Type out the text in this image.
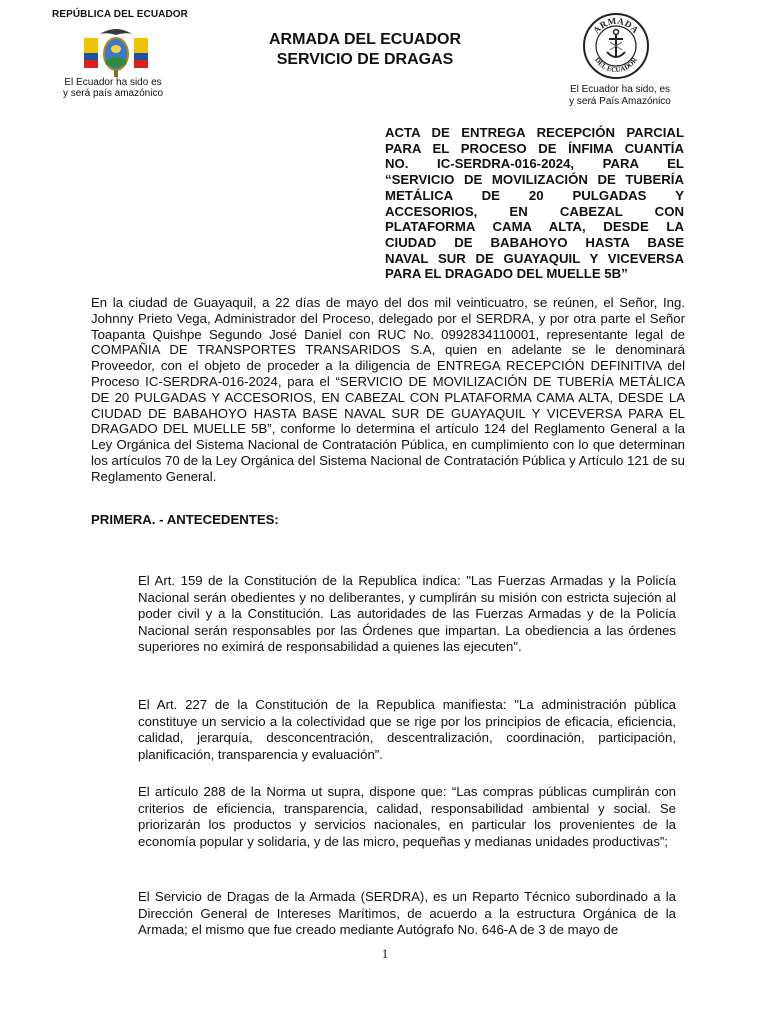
REPÚBLICA DEL ECUADOR
El Ecuador ha sido es
y será país amazónico
ARMADA DEL ECUADOR
SERVICIO DE DRAGAS
ARMADA
DEL ECUADOR
El Ecuador ha sido, es
y será País Amazónico
ACTA DE ENTREGA RECEPCIÓN PARCIAL
PARA EL PROCESO DE ÍNFIMA CUANTÍA
NO. IC-SERDRA-016-2024, PARA EL
“SERVICIO DE MOVILIZACIÓN DE TUBERÍA
METÁLICA DE 20 PULGADAS Y
ACCESORIOS, EN CABEZAL CON
PLATAFORMA CAMA ALTA, DESDE LA
CIUDAD DE BABAHOYO HASTA BASE
NAVAL SUR DE GUAYAQUIL Y VICEVERSA
PARA EL DRAGADO DEL MUELLE 5B”
En la ciudad de Guayaquil, a 22 días de mayo del dos mil veinticuatro, se reúnen, el Señor, Ing. Johnny Prieto Vega, Administrador del Proceso, delegado por el SERDRA, y por otra parte el Señor Toapanta Quishpe Segundo José Daniel con RUC No. 0992834110001, representante legal de COMPAÑIA DE TRANSPORTES TRANSARIDOS S.A, quien en adelante se le denominará Proveedor, con el objeto de proceder a la diligencia de ENTREGA RECEPCIÓN DEFINITIVA del Proceso IC-SERDRA-016-2024, para el “SERVICIO DE MOVILIZACIÓN DE TUBERÍA METÁLICA DE 20 PULGADAS Y ACCESORIOS, EN CABEZAL CON PLATAFORMA CAMA ALTA, DESDE LA CIUDAD DE BABAHOYO HASTA BASE NAVAL SUR DE GUAYAQUIL Y VICEVERSA PARA EL DRAGADO DEL MUELLE 5B”, conforme lo determina el artículo 124 del Reglamento General a la Ley Orgánica del Sistema Nacional de Contratación Pública, en cumplimiento con lo que determinan los artículos 70 de la Ley Orgánica del Sistema Nacional de Contratación Pública y Artículo 121 de su Reglamento General.
PRIMERA. - ANTECEDENTES:
El Art. 159 de la Constitución de la Republica indica: "Las Fuerzas Armadas y la Policía Nacional serán obedientes y no deliberantes, y cumplirán su misión con estricta sujeción al poder civil y a la Constitución. Las autoridades de las Fuerzas Armadas y de la Policía Nacional serán responsables por las Órdenes que impartan. La obediencia a las órdenes superiores no eximirá de responsabilidad a quienes las ejecuten".
El Art. 227 de la Constitución de la Republica manifiesta: "La administración pública constituye un servicio a la colectividad que se rige por los principios de eficacia, eficiencia, calidad, jerarquía, desconcentración, descentralización, coordinación, participación, planificación, transparencia y evaluación”.
El artículo 288 de la Norma ut supra, dispone que: “Las compras públicas cumplirán con criterios de eficiencia, transparencia, calidad, responsabilidad ambiental y social. Se priorizarán los productos y servicios nacionales, en particular los provenientes de la economía popular y solidaria, y de las micro, pequeñas y medianas unidades productivas”;
El Servicio de Dragas de la Armada (SERDRA), es un Reparto Técnico subordinado a la Dirección General de Intereses Marítimos, de acuerdo a la estructura Orgánica de la Armada; el mismo que fue creado mediante Autógrafo No. 646-A de 3 de mayo de
1
